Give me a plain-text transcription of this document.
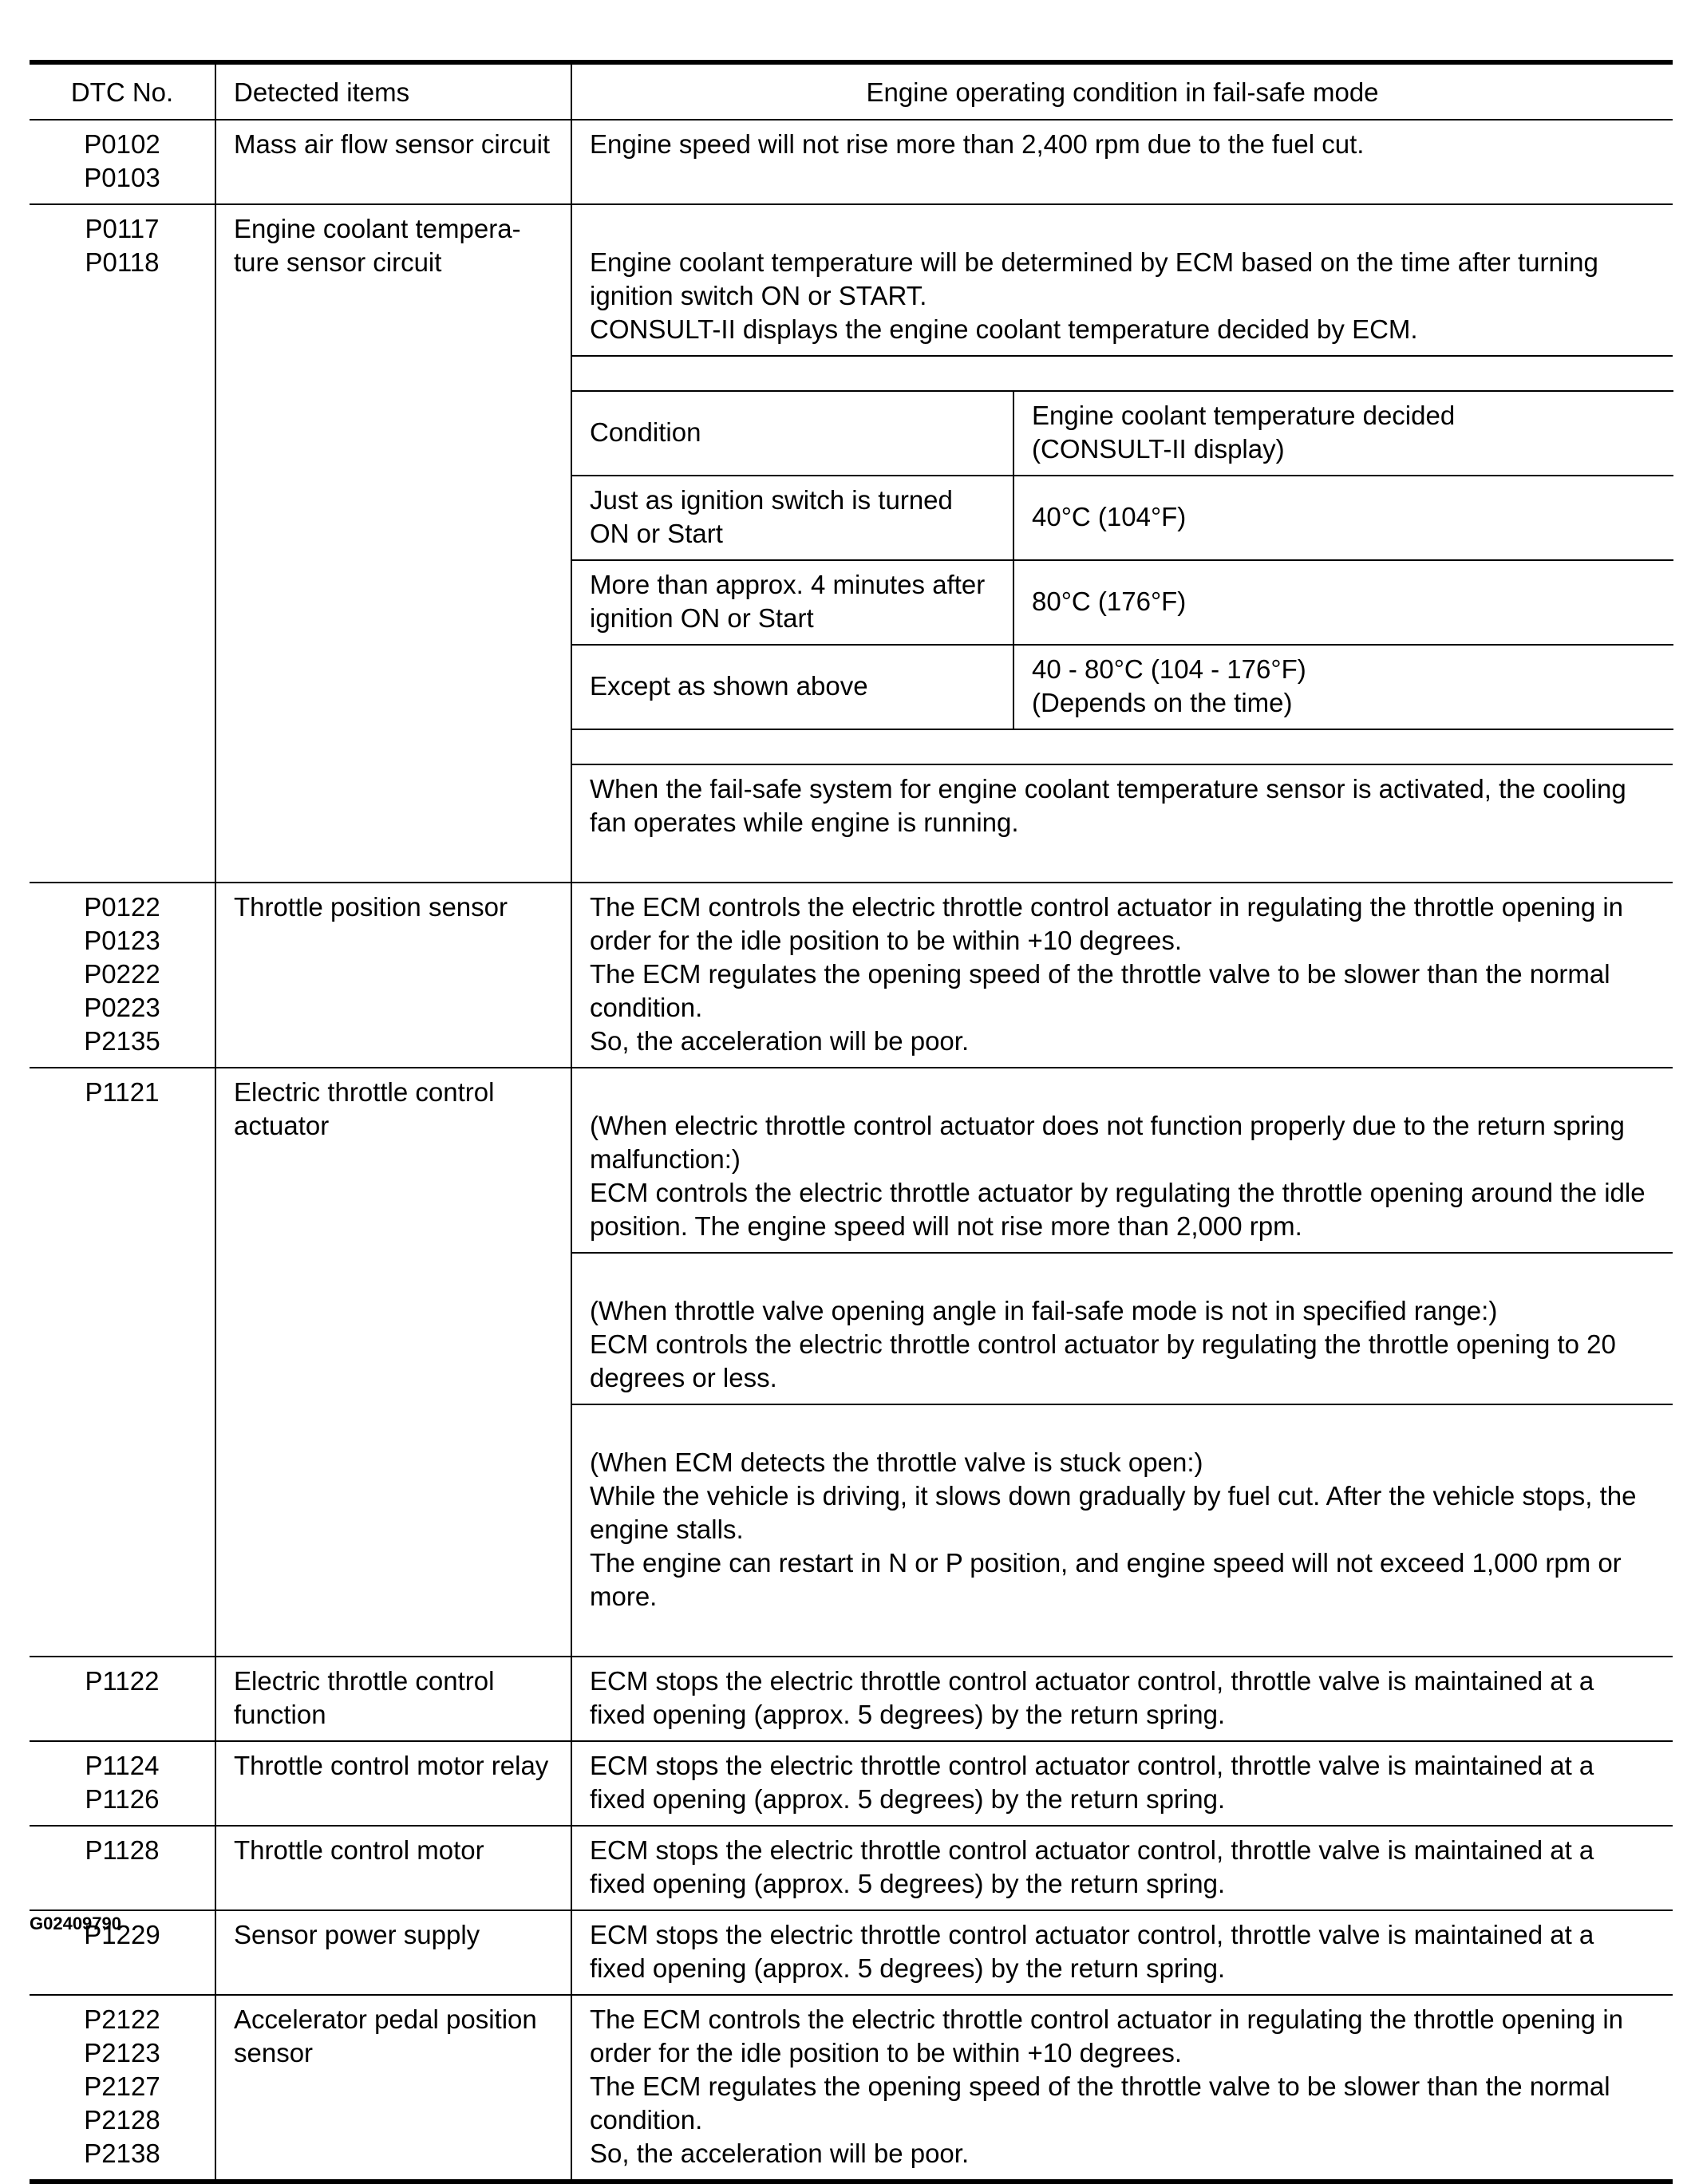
DTC No.	Detected items	Engine operating condition in fail-safe mode
P0102
P0103	Mass air flow sensor circuit	Engine speed will not rise more than 2,400 rpm due to the fuel cut.
P0117
P0118	Engine coolant tempera-
ture sensor circuit	Engine coolant temperature will be determined by ECM based on the time after turning ignition switch ON or START.
CONSULT-II displays the engine coolant temperature decided by ECM.

Condition	Engine coolant temperature decided
(CONSULT-II display)
Just as ignition switch is turned
ON or Start	40°C (104°F)
More than approx. 4 minutes after
ignition ON or Start	80°C (176°F)
Except as shown above	40 - 80°C (104 - 176°F)
(Depends on the time)

When the fail-safe system for engine coolant temperature sensor is activated, the cooling fan operates while engine is running.

P0122
P0123
P0222
P0223
P2135	Throttle position sensor	The ECM controls the electric throttle control actuator in regulating the throttle opening in order for the idle position to be within +10 degrees.
The ECM regulates the opening speed of the throttle valve to be slower than the normal condition.
So, the acceleration will be poor.
P1121	Electric throttle control
actuator	(When electric throttle control actuator does not function properly due to the return spring malfunction:)
ECM controls the electric throttle actuator by regulating the throttle opening around the idle position. The engine speed will not rise more than 2,000 rpm.

(When throttle valve opening angle in fail-safe mode is not in specified range:)
ECM controls the electric throttle control actuator by regulating the throttle opening to 20 degrees or less.

(When ECM detects the throttle valve is stuck open:)
While the vehicle is driving, it slows down gradually by fuel cut. After the vehicle stops, the engine stalls.
The engine can restart in N or P position, and engine speed will not exceed 1,000 rpm or more.

P1122	Electric throttle control
function	ECM stops the electric throttle control actuator control, throttle valve is maintained at a fixed opening (approx. 5 degrees) by the return spring.
P1124
P1126	Throttle control motor relay	ECM stops the electric throttle control actuator control, throttle valve is maintained at a fixed opening (approx. 5 degrees) by the return spring.
P1128	Throttle control motor	ECM stops the electric throttle control actuator control, throttle valve is maintained at a fixed opening (approx. 5 degrees) by the return spring.
P1229	Sensor power supply	ECM stops the electric throttle control actuator control, throttle valve is maintained at a fixed opening (approx. 5 degrees) by the return spring.
P2122
P2123
P2127
P2128
P2138	Accelerator pedal position
sensor	The ECM controls the electric throttle control actuator in regulating the throttle opening in order for the idle position to be within +10 degrees.
The ECM regulates the opening speed of the throttle valve to be slower than the normal condition.
So, the acceleration will be poor.
G02409790
